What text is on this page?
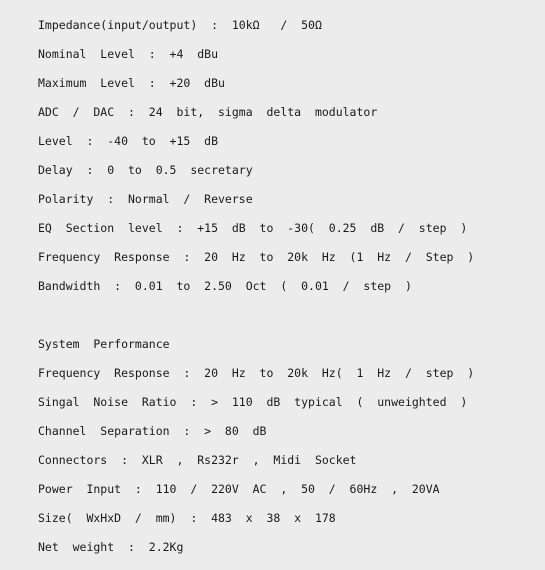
Impedance(input/output)  :  10kΩ   /  50Ω
Nominal  Level  :  +4  dBu
Maximum  Level  :  +20  dBu
ADC  /  DAC  :  24  bit,  sigma  delta  modulator
Level  :  -40  to  +15  dB
Delay  :  0  to  0.5  secretary
Polarity  :  Normal  /  Reverse
EQ  Section  level  :  +15  dB  to  -30(  0.25  dB  /  step  )
Frequency  Response  :  20  Hz  to  20k  Hz  (1  Hz  /  Step  )
Bandwidth  :  0.01  to  2.50  Oct  (  0.01  /  step  )
System  Performance
Frequency  Response  :  20  Hz  to  20k  Hz(  1  Hz  /  step  )
Singal  Noise  Ratio  :  >  110  dB  typical  (  unweighted  )
Channel  Separation  :  >  80  dB
Connectors  :  XLR  ,  Rs232r  ,  Midi  Socket
Power  Input  :  110  /  220V  AC  ,  50  /  60Hz  ,  20VA
Size(  WxHxD  /  mm)  :  483  x  38  x  178
Net  weight  :  2.2Kg
